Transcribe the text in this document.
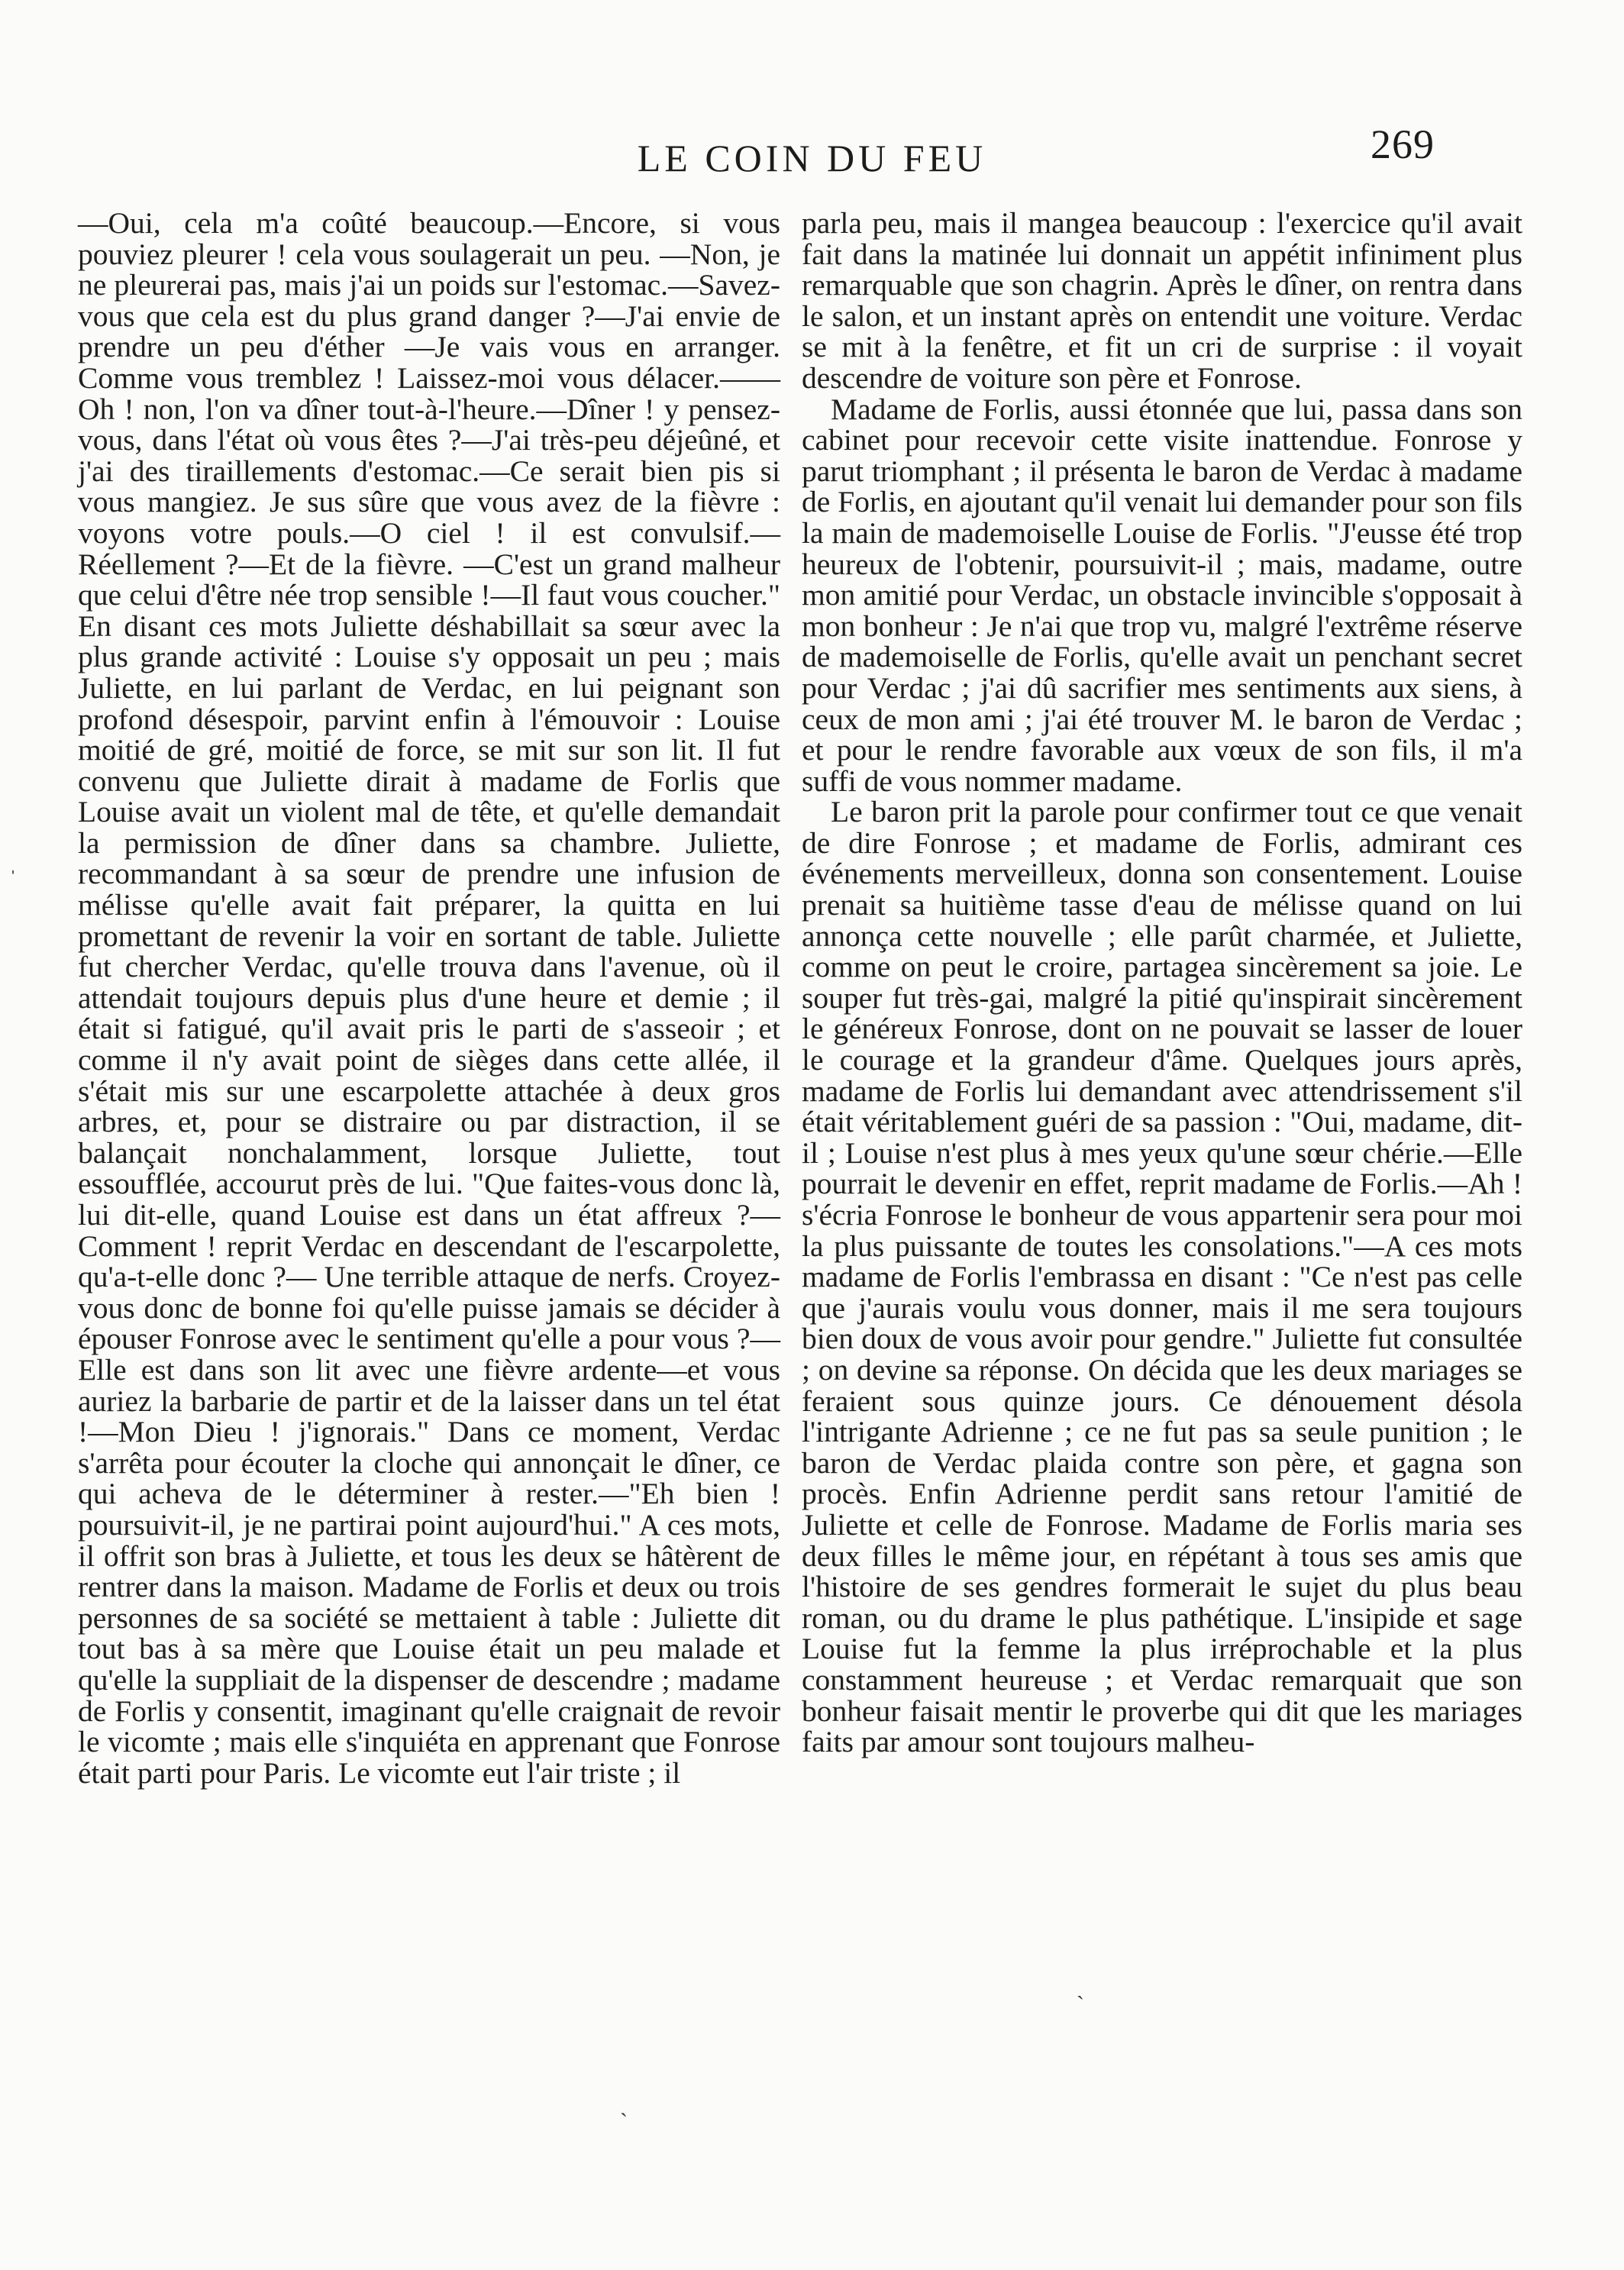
LE COIN DU FEU	269

—Oui, cela m'a coûté beaucoup.—Encore, si vous pouviez pleurer ! cela vous soulagerait un peu. —Non, je ne pleurerai pas, mais j'ai un poids sur l'estomac.—Savez-vous que cela est du plus grand danger ?—J'ai envie de prendre un peu d'éther —Je vais vous en arranger. Comme vous tremblez ! Laissez-moi vous délacer.——Oh ! non, l'on va dîner tout-à-l'heure.—Dîner ! y pensez-vous, dans l'état où vous êtes ?—J'ai très-peu déjeûné, et j'ai des tiraillements d'estomac.—Ce serait bien pis si vous mangiez. Je sus sûre que vous avez de la fièvre : voyons votre pouls.—O ciel ! il est convulsif.—Réellement ?—Et de la fièvre. —C'est un grand malheur que celui d'être née trop sensible !—Il faut vous coucher." En disant ces mots Juliette déshabillait sa sœur avec la plus grande activité : Louise s'y opposait un peu ; mais Juliette, en lui parlant de Verdac, en lui peignant son profond désespoir, parvint enfin à l'émouvoir : Louise moitié de gré, moitié de force, se mit sur son lit. Il fut convenu que Juliette dirait à madame de Forlis que Louise avait un violent mal de tête, et qu'elle demandait la permission de dîner dans sa chambre. Juliette, recommandant à sa sœur de prendre une infusion de mélisse qu'elle avait fait préparer, la quitta en lui promettant de revenir la voir en sortant de table. Juliette fut chercher Verdac, qu'elle trouva dans l'avenue, où il attendait toujours depuis plus d'une heure et demie ; il était si fatigué, qu'il avait pris le parti de s'asseoir ; et comme il n'y avait point de sièges dans cette allée, il s'était mis sur une escarpolette attachée à deux gros arbres, et, pour se distraire ou par distraction, il se balançait nonchalamment, lorsque Juliette, tout essoufflée, accourut près de lui. "Que faites-vous donc là, lui dit-elle, quand Louise est dans un état affreux ?— Comment ! reprit Verdac en descendant de l'escarpolette, qu'a-t-elle donc ?— Une terrible attaque de nerfs. Croyez-vous donc de bonne foi qu'elle puisse jamais se décider à épouser Fonrose avec le sentiment qu'elle a pour vous ?— Elle est dans son lit avec une fièvre ardente—et vous auriez la barbarie de partir et de la laisser dans un tel état !—Mon Dieu ! j'ignorais." Dans ce moment, Verdac s'arrêta pour écouter la cloche qui annonçait le dîner, ce qui acheva de le déterminer à rester.—"Eh bien ! poursuivit-il, je ne partirai point aujourd'hui." A ces mots, il offrit son bras à Juliette, et tous les deux se hâtèrent de rentrer dans la maison. Madame de Forlis et deux ou trois personnes de sa société se mettaient à table : Juliette dit tout bas à sa mère que Louise était un peu malade et qu'elle la suppliait de la dispenser de descendre ; madame de Forlis y consentit, imaginant qu'elle craignait de revoir le vicomte ; mais elle s'inquiéta en apprenant que Fonrose était parti pour Paris. Le vicomte eut l'air triste ; il

parla peu, mais il mangea beaucoup : l'exercice qu'il avait fait dans la matinée lui donnait un appétit infiniment plus remarquable que son chagrin. Après le dîner, on rentra dans le salon, et un instant après on entendit une voiture. Verdac se mit à la fenêtre, et fit un cri de surprise : il voyait descendre de voiture son père et Fonrose.

Madame de Forlis, aussi étonnée que lui, passa dans son cabinet pour recevoir cette visite inattendue. Fonrose y parut triomphant ; il présenta le baron de Verdac à madame de Forlis, en ajoutant qu'il venait lui demander pour son fils la main de mademoiselle Louise de Forlis. "J'eusse été trop heureux de l'obtenir, poursuivit-il ; mais, madame, outre mon amitié pour Verdac, un obstacle invincible s'opposait à mon bonheur : Je n'ai que trop vu, malgré l'extrême réserve de mademoiselle de Forlis, qu'elle avait un penchant secret pour Verdac ; j'ai dû sacrifier mes sentiments aux siens, à ceux de mon ami ; j'ai été trouver M. le baron de Verdac ; et pour le rendre favorable aux vœux de son fils, il m'a suffi de vous nommer madame.

Le baron prit la parole pour confirmer tout ce que venait de dire Fonrose ; et madame de Forlis, admirant ces événements merveilleux, donna son consentement. Louise prenait sa huitième tasse d'eau de mélisse quand on lui annonça cette nouvelle ; elle parût charmée, et Juliette, comme on peut le croire, partagea sincèrement sa joie. Le souper fut très-gai, malgré la pitié qu'inspirait sincèrement le généreux Fonrose, dont on ne pouvait se lasser de louer le courage et la grandeur d'âme. Quelques jours après, madame de Forlis lui demandant avec attendrissement s'il était véritablement guéri de sa passion : "Oui, madame, dit-il ; Louise n'est plus à mes yeux qu'une sœur chérie.—Elle pourrait le devenir en effet, reprit madame de Forlis.—Ah ! s'écria Fonrose le bonheur de vous appartenir sera pour moi la plus puissante de toutes les consolations."—A ces mots madame de Forlis l'embrassa en disant : "Ce n'est pas celle que j'aurais voulu vous donner, mais il me sera toujours bien doux de vous avoir pour gendre." Juliette fut consultée ; on devine sa réponse. On décida que les deux mariages se feraient sous quinze jours. Ce dénouement désola l'intrigante Adrienne ; ce ne fut pas sa seule punition ; le baron de Verdac plaida contre son père, et gagna son procès. Enfin Adrienne perdit sans retour l'amitié de Juliette et celle de Fonrose. Madame de Forlis maria ses deux filles le même jour, en répétant à tous ses amis que l'histoire de ses gendres formerait le sujet du plus beau roman, ou du drame le plus pathétique. L'insipide et sage Louise fut la femme la plus irréprochable et la plus constamment heureuse ; et Verdac remarquait que son bonheur faisait mentir le proverbe qui dit que les mariages faits par amour sont toujours malheu-

ˋ
ˏ
ˌ
